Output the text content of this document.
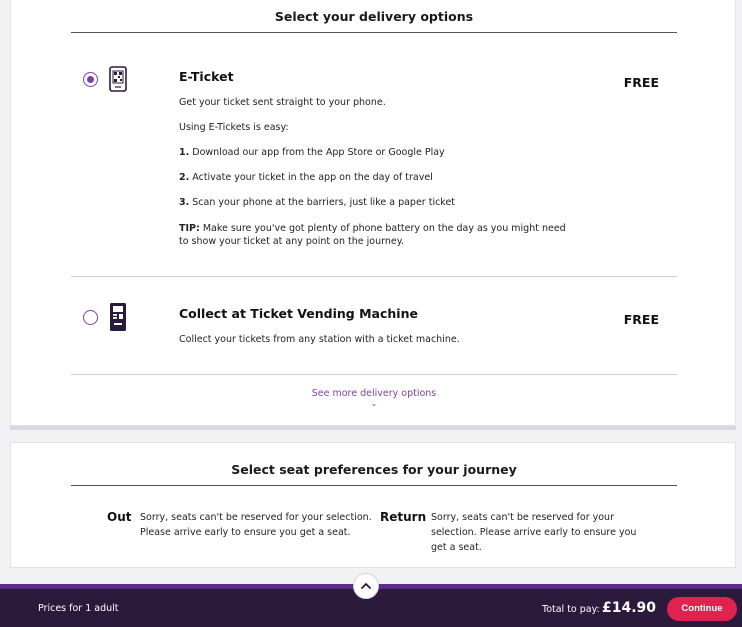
Select your delivery options
E-Ticket	FREE
Get your ticket sent straight to your phone.
Using E-Tickets is easy:
1. Download our app from the App Store or Google Play
2. Activate your ticket in the app on the day of travel
3. Scan your phone at the barriers, just like a paper ticket
TIP: Make sure you've got plenty of phone battery on the day as you might need to show your ticket at any point on the journey.
Collect at Ticket Vending Machine	FREE
Collect your tickets from any station with a ticket machine.
See more delivery options
⌄
Select seat preferences for your journey
Out Sorry, seats can't be reserved for your selection. Please arrive early to ensure you get a seat.
Return Sorry, seats can't be reserved for your selection. Please arrive early to ensure you get a seat.
Prices for 1 adult	Total to pay: £14.90	Continue
